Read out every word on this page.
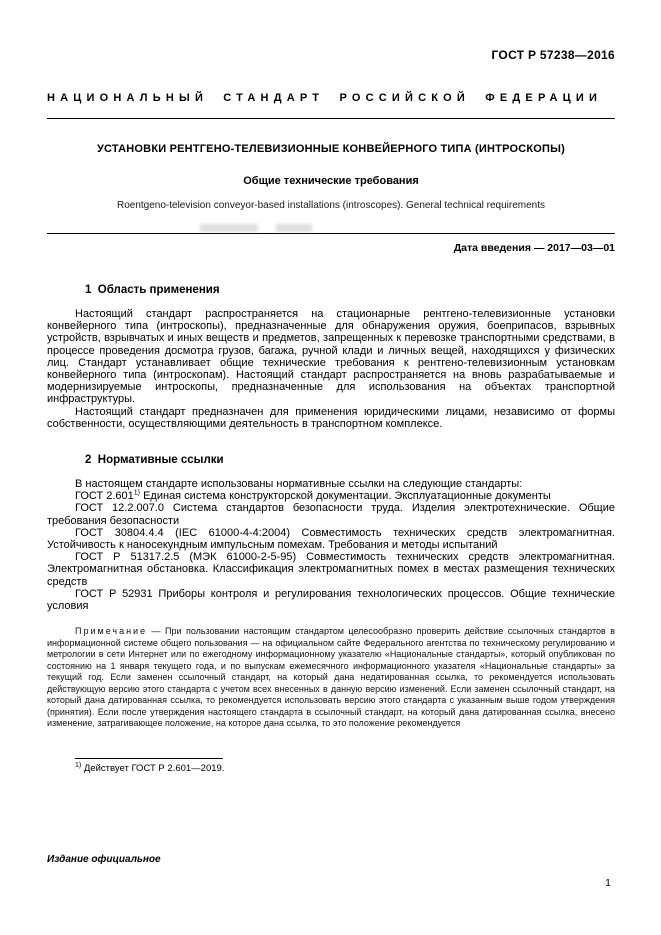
ГОСТ Р 57238—2016
НАЦИОНАЛЬНЫЙ СТАНДАРТ РОССИЙСКОЙ ФЕДЕРАЦИИ
УСТАНОВКИ РЕНТГЕНО-ТЕЛЕВИЗИОННЫЕ КОНВЕЙЕРНОГО ТИПА (ИНТРОСКОПЫ)
Общие технические требования
Roentgeno-television conveyor-based installations (introscopes). General technical requirements
Дата введения — 2017—03—01
1  Область применения

Настоящий стандарт распространяется на стационарные рентгено-телевизионные установки конвейерного типа (интроскопы), предназначенные для обнаружения оружия, боеприпасов, взрывных устройств, взрывчатых и иных веществ и предметов, запрещенных к перевозке транспортными средствами, в процессе проведения досмотра грузов, багажа, ручной клади и личных вещей, находящихся у физических лиц. Стандарт устанавливает общие технические требования к рентгено-телевизионным установкам конвейерного типа (интроскопам). Настоящий стандарт распространяется на вновь разрабатываемые и модернизируемые интроскопы, предназначенные для использования на объектах транспортной инфраструктуры.

Настоящий стандарт предназначен для применения юридическими лицами, независимо от формы собственности, осуществляющими деятельность в транспортном комплексе.

2  Нормативные ссылки

В настоящем стандарте использованы нормативные ссылки на следующие стандарты:

ГОСТ 2.601$^{1)}$ Единая система конструкторской документации. Эксплуатационные документы

ГОСТ 12.2.007.0 Система стандартов безопасности труда. Изделия электротехнические. Общие требования безопасности

ГОСТ 30804.4.4 (IEC 61000-4-4:2004) Совместимость технических средств электромагнитная. Устойчивость к наносекундным импульсным помехам. Требования и методы испытаний

ГОСТ Р 51317.2.5 (МЭК 61000-2-5-95) Совместимость технических средств электромагнитная. Электромагнитная обстановка. Классификация электромагнитных помех в местах размещения технических средств

ГОСТ Р 52931 Приборы контроля и регулирования технологических процессов. Общие технические условия

Примечание — При пользовании настоящим стандартом целесообразно проверить действие ссылочных стандартов в информационной системе общего пользования — на официальном сайте Федерального агентства по техническому регулированию и метрологии в сети Интернет или по ежегодному информационному указателю «Национальные стандарты», который опубликован по состоянию на 1 января текущего года, и по выпускам ежемесячного информационного указателя «Национальные стандарты» за текущий год. Если заменен ссылочный стандарт, на который дана недатированная ссылка, то рекомендуется использовать действующую версию этого стандарта с учетом всех внесенных в данную версию изменений. Если заменен ссылочный стандарт, на который дана датированная ссылка, то рекомендуется использовать версию этого стандарта с указанным выше годом утверждения (принятия). Если после утверждения настоящего стандарта в ссылочный стандарт, на который дана датированная ссылка, внесено изменение, затрагивающее положение, на которое дана ссылка, то это положение рекомендуется

$^{1)}$ Действует ГОСТ Р 2.601—2019.

Издание официальное
1
